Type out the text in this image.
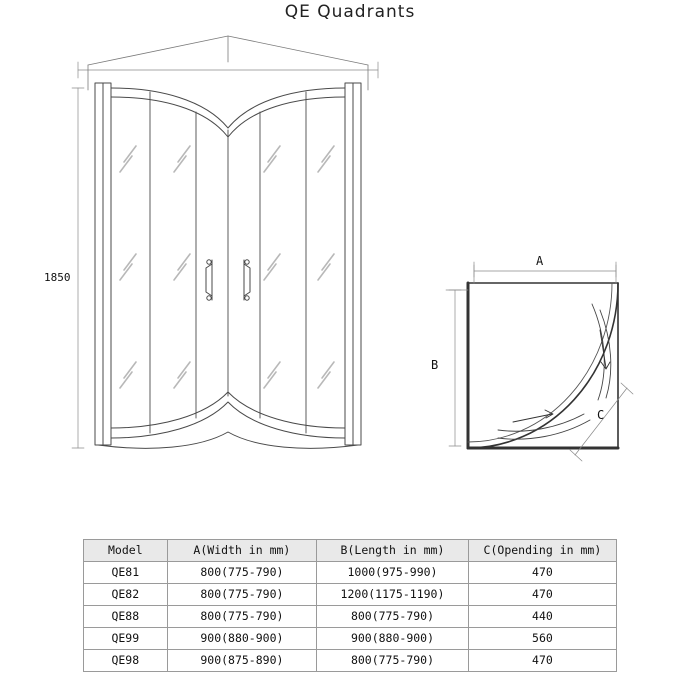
QE Quadrants
1850
A
B
C
Model	A(Width in mm)	B(Length in mm)	C(Opending in mm)
QE81	800(775-790)	1000(975-990)	470
QE82	800(775-790)	1200(1175-1190)	470
QE88	800(775-790)	800(775-790)	440
QE99	900(880-900)	900(880-900)	560
QE98	900(875-890)	800(775-790)	470
